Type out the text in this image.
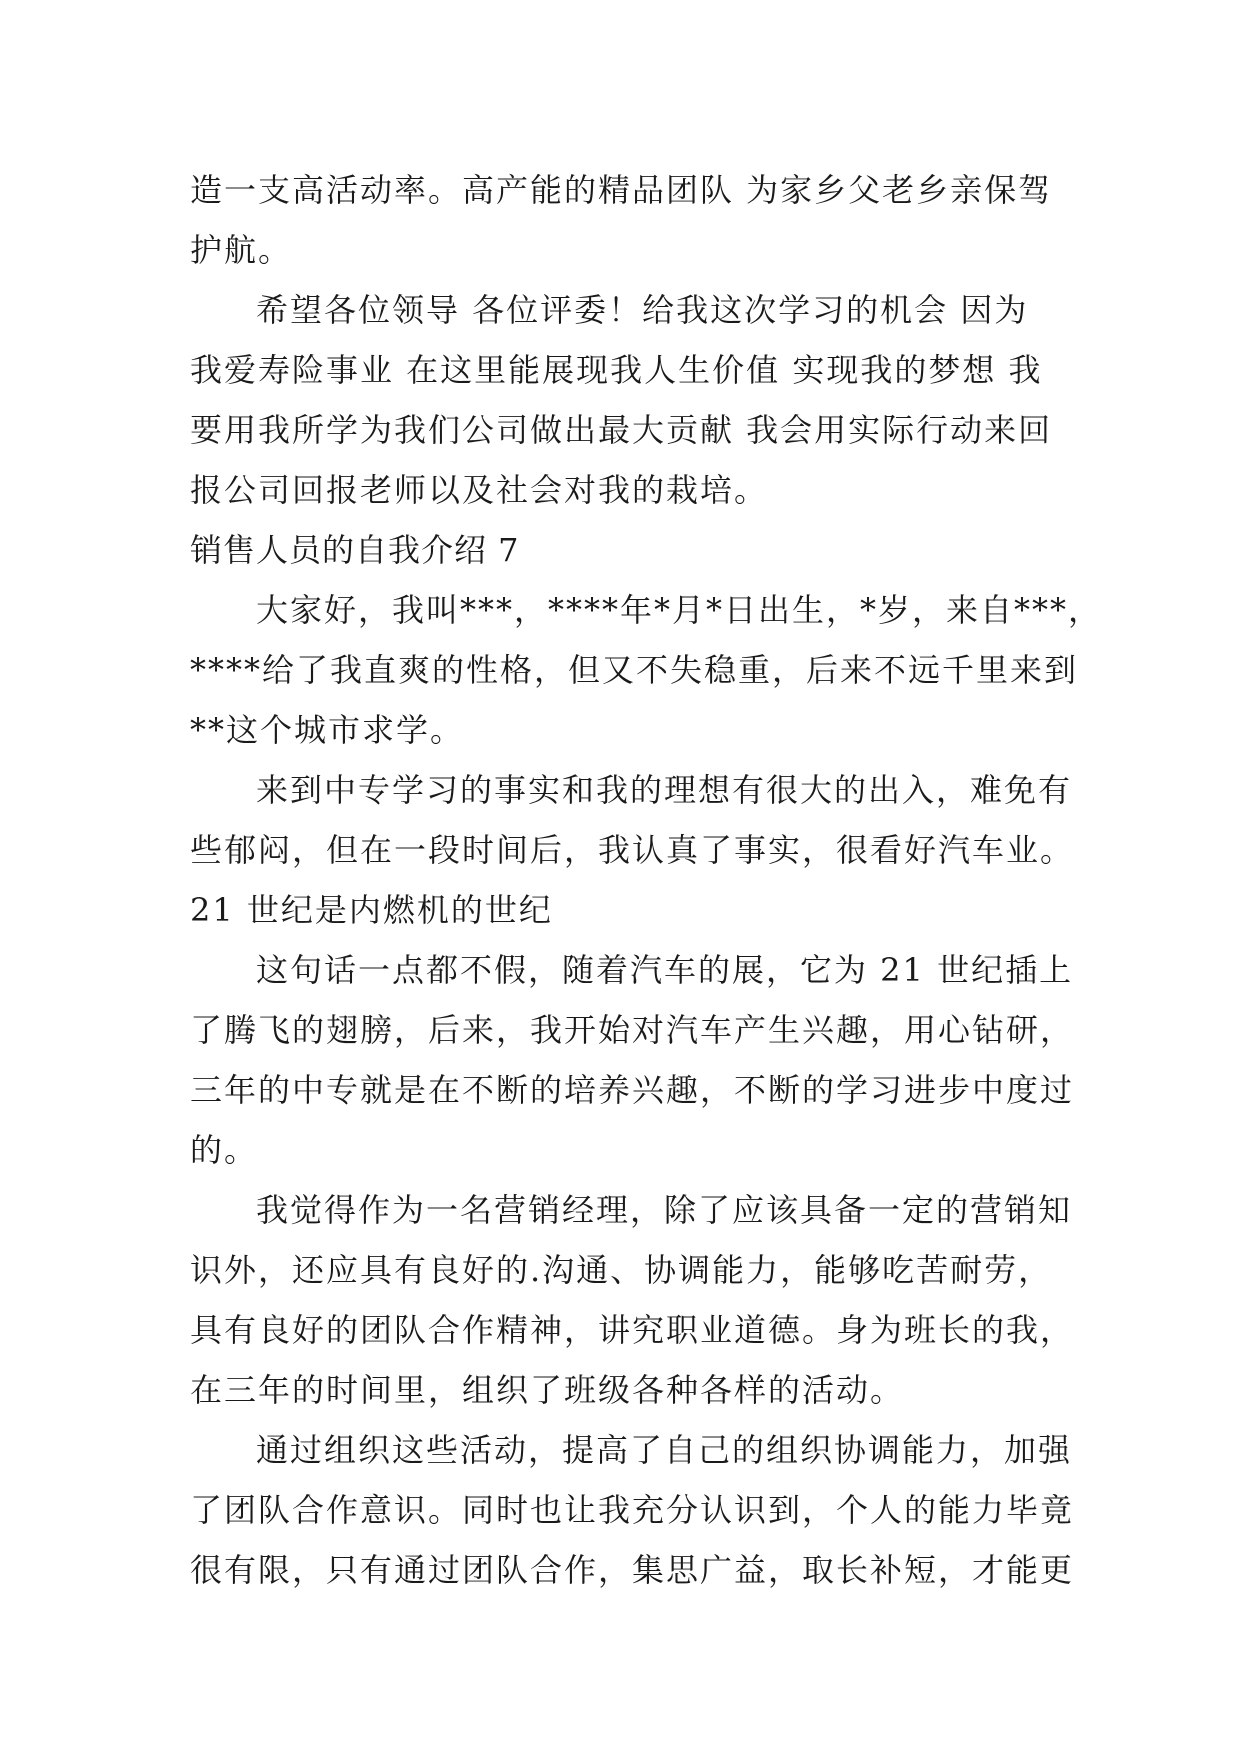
造一支高活动率。高产能的精品团队 为家乡父老乡亲保驾
护航。
希望各位领导 各位评委！给我这次学习的机会 因为
我爱寿险事业 在这里能展现我人生价值 实现我的梦想 我
要用我所学为我们公司做出最大贡献 我会用实际行动来回
报公司回报老师以及社会对我的栽培。
销售人员的自我介绍 7
大家好，我叫***，****年*月*日出生，*岁，来自***，
****给了我直爽的性格，但又不失稳重，后来不远千里来到
**这个城市求学。
来到中专学习的事实和我的理想有很大的出入，难免有
些郁闷，但在一段时间后，我认真了事实，很看好汽车业。
21 世纪是内燃机的世纪
这句话一点都不假，随着汽车的展，它为 21 世纪插上
了腾飞的翅膀，后来，我开始对汽车产生兴趣，用心钻研，
三年的中专就是在不断的培养兴趣，不断的学习进步中度过
的。
我觉得作为一名营销经理，除了应该具备一定的营销知
识外，还应具有良好的.沟通、协调能力，能够吃苦耐劳，
具有良好的团队合作精神，讲究职业道德。身为班长的我，
在三年的时间里，组织了班级各种各样的活动。
通过组织这些活动，提高了自己的组织协调能力，加强
了团队合作意识。同时也让我充分认识到，个人的能力毕竟
很有限，只有通过团队合作，集思广益，取长补短，才能更
